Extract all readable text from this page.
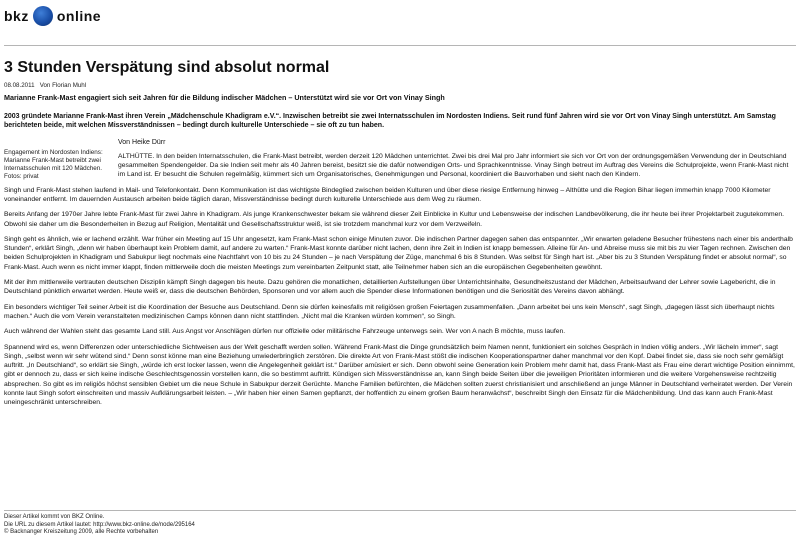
bkz online
3 Stunden Verspätung sind absolut normal
08.08.2011 Von Florian Muhl
Marianne Frank-Mast engagiert sich seit Jahren für die Bildung indischer Mädchen – Unterstützt wird sie vor Ort von Vinay Singh
2003 gründete Marianne Frank-Mast ihren Verein „Mädchenschule Khadigram e.V.“. Inzwischen betreibt sie zwei Internatsschulen im Nordosten Indiens. Seit rund fünf Jahren wird sie vor Ort von Vinay Singh unterstützt. Am Samstag berichteten beide, mit welchen Missverständnissen – bedingt durch kulturelle Unterschiede – sie oft zu tun haben.
Engagement im Nordosten Indiens: Marianne Frank-Mast betreibt zwei Internatsschulen mit 120 Mädchen. Fotos: privat
Von Heike Dürr

ALTHÜTTE. In den beiden Internatsschulen, die Frank-Mast betreibt, werden derzeit 120 Mädchen unterrichtet. Zwei bis drei Mal pro Jahr informiert sie sich vor Ort von der ordnungsgemäßen Verwendung der in Deutschland gesammelten Spendengelder. Da sie Indien seit mehr als 40 Jahren bereist, besitzt sie die dafür notwendigen Orts- und Sprachkenntnisse. Vinay Singh betreut im Auftrag des Vereins die Schulprojekte, wenn Frank-Mast nicht im Land ist. Er besucht die Schulen regelmäßig, kümmert sich um Organisatorisches, Genehmigungen und Personal, koordiniert die Bauvorhaben und sieht nach den Kindern.

Singh und Frank-Mast stehen laufend in Mail- und Telefonkontakt. Denn Kommunikation ist das wichtigste Bindeglied zwischen beiden Kulturen und über diese riesige Entfernung hinweg – Althütte und die Region Bihar liegen immerhin knapp 7000 Kilometer voneinander entfernt. Im dauernden Austausch arbeiten beide täglich daran, Missverständnisse bedingt durch kulturelle Unterschiede aus dem Weg zu räumen.

Bereits Anfang der 1970er Jahre lebte Frank-Mast für zwei Jahre in Khadigram. Als junge Krankenschwester bekam sie während dieser Zeit Einblicke in Kultur und Lebensweise der indischen Landbevölkerung, die ihr heute bei ihrer Projektarbeit zugutekommen. Obwohl sie daher um die Besonderheiten in Bezug auf Religion, Mentalität und Gesellschaftsstruktur weiß, ist sie trotzdem manchmal kurz vor dem Verzweifeln.

Singh geht es ähnlich, wie er lachend erzählt. War früher ein Meeting auf 15 Uhr angesetzt, kam Frank-Mast schon einige Minuten zuvor. Die indischen Partner dagegen sahen das entspannter. „Wir erwarten geladene Besucher frühestens nach einer bis anderthalb Stunden“, erklärt Singh, „denn wir haben überhaupt kein Problem damit, auf andere zu warten.“ Frank-Mast konnte darüber nicht lachen, denn ihre Zeit in Indien ist knapp bemessen. Alleine für An- und Abreise muss sie mit bis zu vier Tagen rechnen. Zwischen den beiden Schulprojekten in Khadigram und Sabukpur liegt nochmals eine Nachtfahrt von 10 bis zu 24 Stunden – je nach Verspätung der Züge, manchmal 6 bis 8 Stunden. Was selbst für Singh hart ist. „Aber bis zu 3 Stunden Verspätung findet er absolut normal“, so Frank-Mast. Auch wenn es nicht immer klappt, finden mittlerweile doch die meisten Meetings zum vereinbarten Zeitpunkt statt, alle Teilnehmer haben sich an die europäischen Gegebenheiten gewöhnt.

Mit der ihm mittlerweile vertrauten deutschen Disziplin kämpft Singh dagegen bis heute. Dazu gehören die monatlichen, detaillierten Aufstellungen über Unterrichtsinhalte, Gesundheitszustand der Mädchen, Arbeitsaufwand der Lehrer sowie Lagebericht, die in Deutschland pünktlich erwartet werden. Heute weiß er, dass die deutschen Behörden, Sponsoren und vor allem auch die Spender diese Informationen benötigen und die Seriosität des Vereins davon abhängt.

Ein besonders wichtiger Teil seiner Arbeit ist die Koordination der Besuche aus Deutschland. Denn sie dürfen keinesfalls mit religiösen großen Feiertagen zusammenfallen. „Dann arbeitet bei uns kein Mensch“, sagt Singh, „dagegen lässt sich überhaupt nichts machen.“ Auch die vom Verein veranstalteten medizinischen Camps können dann nicht stattfinden. „Nicht mal die Kranken würden kommen“, so Singh.

Auch während der Wahlen steht das gesamte Land still. Aus Angst vor Anschlägen dürfen nur offizielle oder militärische Fahrzeuge unterwegs sein. Wer von A nach B möchte, muss laufen.

Spannend wird es, wenn Differenzen oder unterschiedliche Sichtweisen aus der Welt geschafft werden sollen. Während Frank-Mast die Dinge grundsätzlich beim Namen nennt, funktioniert ein solches Gespräch in Indien völlig anders. „Wir lächeln immer“, sagt Singh, „selbst wenn wir sehr wütend sind.“ Denn sonst könne man eine Beziehung unwiederbringlich zerstören. Die direkte Art von Frank-Mast stößt die indischen Kooperationspartner daher manchmal vor den Kopf. Dabei findet sie, dass sie noch sehr gemäßigt auftritt. „In Deutschland“, so erklärt sie Singh, „würde ich erst locker lassen, wenn die Angelegenheit geklärt ist.“ Darüber amüsiert er sich. Denn obwohl seine Generation kein Problem mehr damit hat, dass Frank-Mast als Frau eine derart wichtige Position einnimmt, gibt er dennoch zu, dass er sich keine indische Geschlechtsgenossin vorstellen kann, die so bestimmt auftritt. Kündigen sich Missverständnisse an, kann Singh beide Seiten über die jeweiligen Prioritäten informieren und die weitere Vorgehensweise rechtzeitig absprechen. So gibt es im religiös höchst sensiblen Gebiet um die neue Schule in Sabukpur derzeit Gerüchte. Manche Familien befürchten, die Mädchen sollten zuerst christianisiert und anschließend an junge Männer in Deutschland verheiratet werden. Der Verein konnte laut Singh sofort einschreiten und massiv Aufklärungsarbeit leisten. – „Wir haben hier einen Samen gepflanzt, der hoffentlich zu einem großen Baum heranwächst“, beschreibt Singh den Einsatz für die Mädchenbildung. Und das kann auch Frank-Mast uneingeschränkt unterschreiben.

Dieser Artikel kommt von BKZ Online.
Die URL zu diesem Artikel lautet: http://www.bkz-online.de/node/295164
© Backnanger Kreiszeitung 2009, alle Rechte vorbehalten
